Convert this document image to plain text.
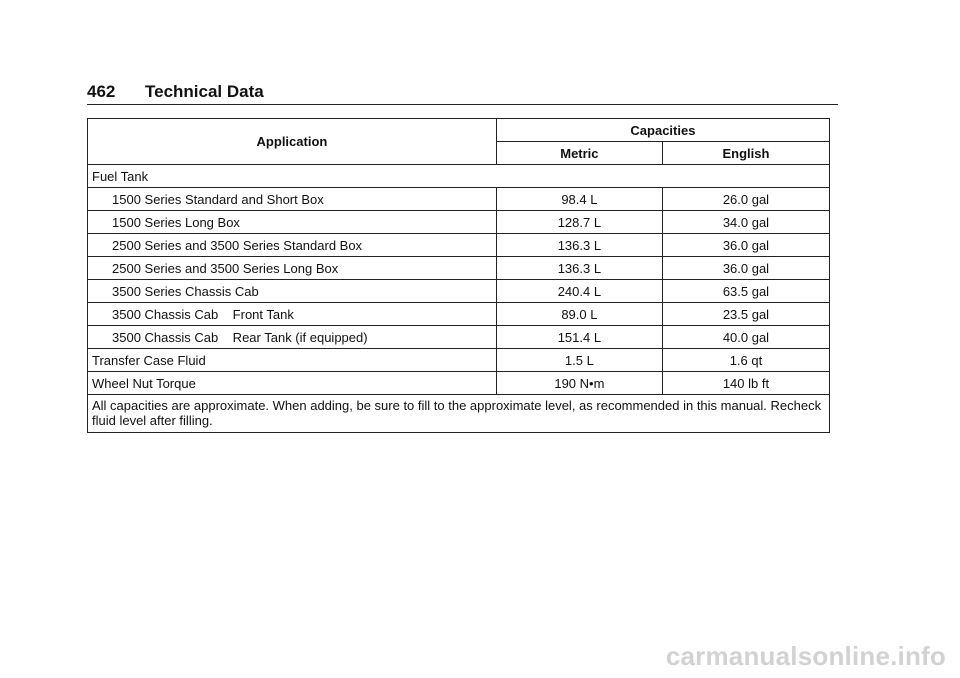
462 Technical Data
Application	Capacities	
	Metric	English
Fuel Tank		
1500 Series Standard and Short Box	98.4 L	26.0 gal
1500 Series Long Box	128.7 L	34.0 gal
2500 Series and 3500 Series Standard Box	136.3 L	36.0 gal
2500 Series and 3500 Series Long Box	136.3 L	36.0 gal
3500 Series Chassis Cab	240.4 L	63.5 gal
3500 Chassis Cab    Front Tank	89.0 L	23.5 gal
3500 Chassis Cab    Rear Tank (if equipped)	151.4 L	40.0 gal
Transfer Case Fluid	1.5 L	1.6 qt
Wheel Nut Torque	190 N•m	140 lb ft
All capacities are approximate. When adding, be sure to fill to the approximate level, as recommended in this manual. Recheck fluid level after filling.		
carmanualsonline.info
